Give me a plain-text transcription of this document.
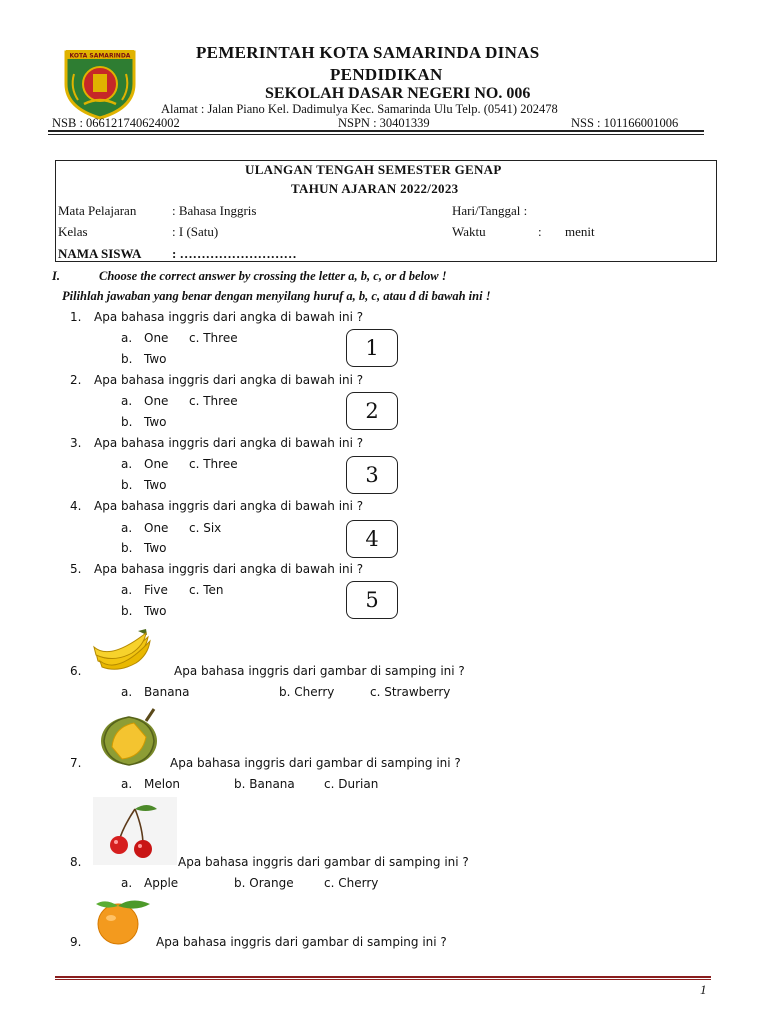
KOTA SAMARINDA	PEMERINTAH KOTA SAMARINDA DINAS
PENDIDIKAN
SEKOLAH DASAR NEGERI NO. 006
Alamat : Jalan Piano Kel. Dadimulya Kec. Samarinda Ulu Telp. (0541) 202478
NSB : 066121740624002	NSPN : 30401339	NSS : 101166001006
ULANGAN TENGAH SEMESTER GENAP
TAHUN AJARAN 2022/2023
Mata Pelajaran	: Bahasa Inggris	Hari/Tanggal :
Kelas	: I (Satu)	Waktu	: menit
NAMA SISWA : ………………………
I.	Choose the correct answer by crossing the letter a, b, c, or d below !
Pilihlah jawaban yang benar dengan menyilang huruf a, b, c, atau d di bawah ini !
1. Apa bahasa inggris dari angka di bawah ini ?
a. One c. Three
b. Two	1
2. Apa bahasa inggris dari angka di bawah ini ?
a. One c. Three
b. Two	2
3. Apa bahasa inggris dari angka di bawah ini ?
a. One c. Three
b. Two	3
4. Apa bahasa inggris dari angka di bawah ini ?
a. One c. Six
b. Two	4
5. Apa bahasa inggris dari angka di bawah ini ?
a. Five c. Ten
b. Two	5
6.	Apa bahasa inggris dari gambar di samping ini ?
a. Banana	b. Cherry	c. Strawberry
7.	Apa bahasa inggris dari gambar di samping ini ?
a. Melon	b. Banana c. Durian
8.	Apa bahasa inggris dari gambar di samping ini ?
a. Apple	b. Orange	c. Cherry
9.	Apa bahasa inggris dari gambar di samping ini ?
1
